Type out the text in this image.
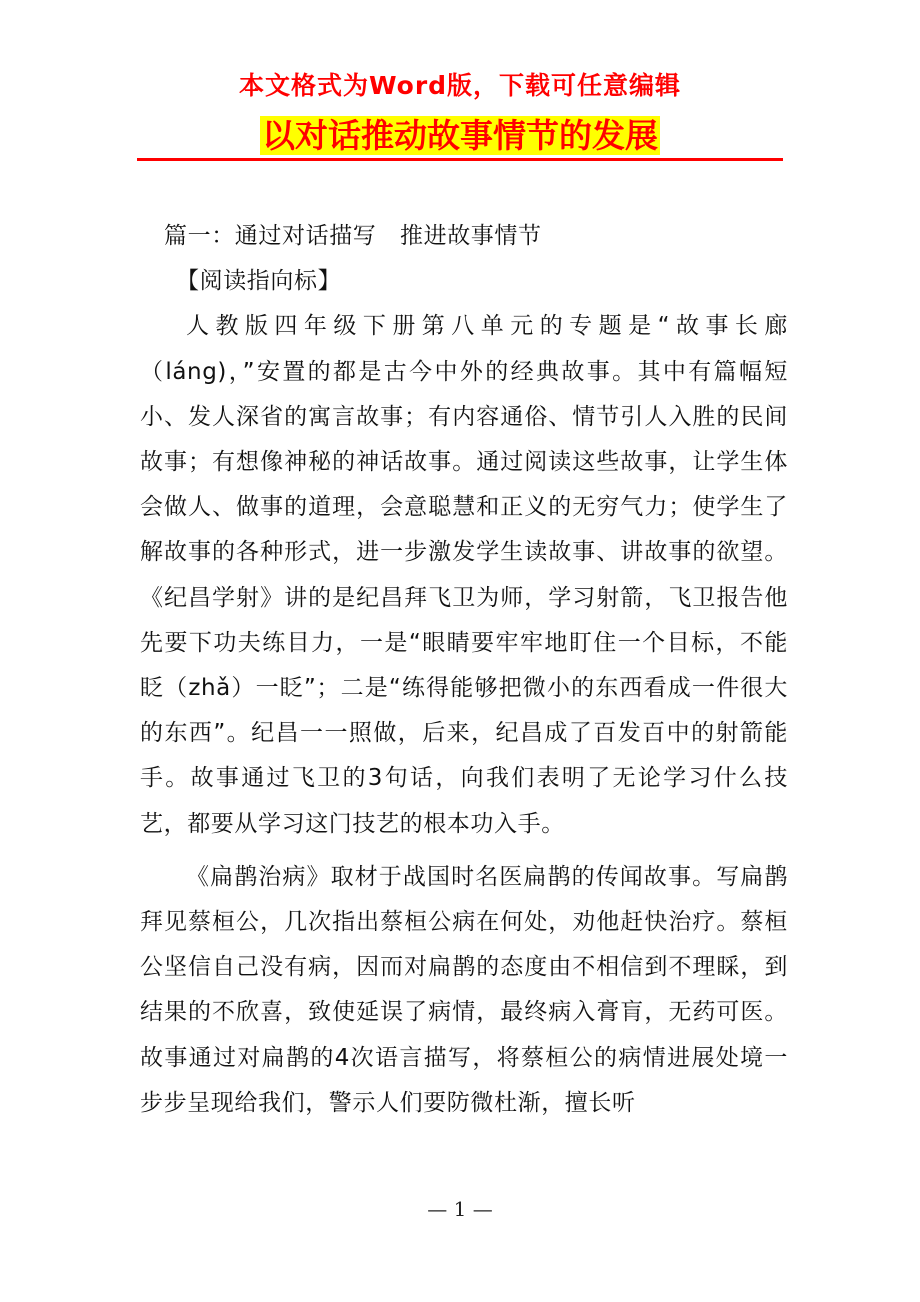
本文格式为Word版，下载可任意编辑
以对话推动故事情节的发展

篇一：通过对话描写　推进故事情节

【阅读指向标】

人教版四年级下册第八单元的专题是“故事长廊（láng)，”安置的都是古今中外的经典故事。其中有篇幅短小、发人深省的寓言故事；有内容通俗、情节引人入胜的民间故事；有想像神秘的神话故事。通过阅读这些故事，让学生体会做人、做事的道理，会意聪慧和正义的无穷气力；使学生了解故事的各种形式，进一步激发学生读故事、讲故事的欲望。《纪昌学射》讲的是纪昌拜飞卫为师，学习射箭，飞卫报告他先要下功夫练目力，一是“眼睛要牢牢地盯住一个目标，不能眨（zhǎ）一眨”；二是“练得能够把微小的东西看成一件很大的东西”。纪昌一一照做，后来，纪昌成了百发百中的射箭能手。故事通过飞卫的3句话，向我们表明了无论学习什么技艺，都要从学习这门技艺的根本功入手。

《扁鹊治病》取材于战国时名医扁鹊的传闻故事。写扁鹊拜见蔡桓公，几次指出蔡桓公病在何处，劝他赶快治疗。蔡桓公坚信自己没有病，因而对扁鹊的态度由不相信到不理睬，到结果的不欣喜，致使延误了病情，最终病入膏肓，无药可医。故事通过对扁鹊的4次语言描写，将蔡桓公的病情进展处境一步步呈现给我们，警示人们要防微杜渐，擅长听

— 1 —
